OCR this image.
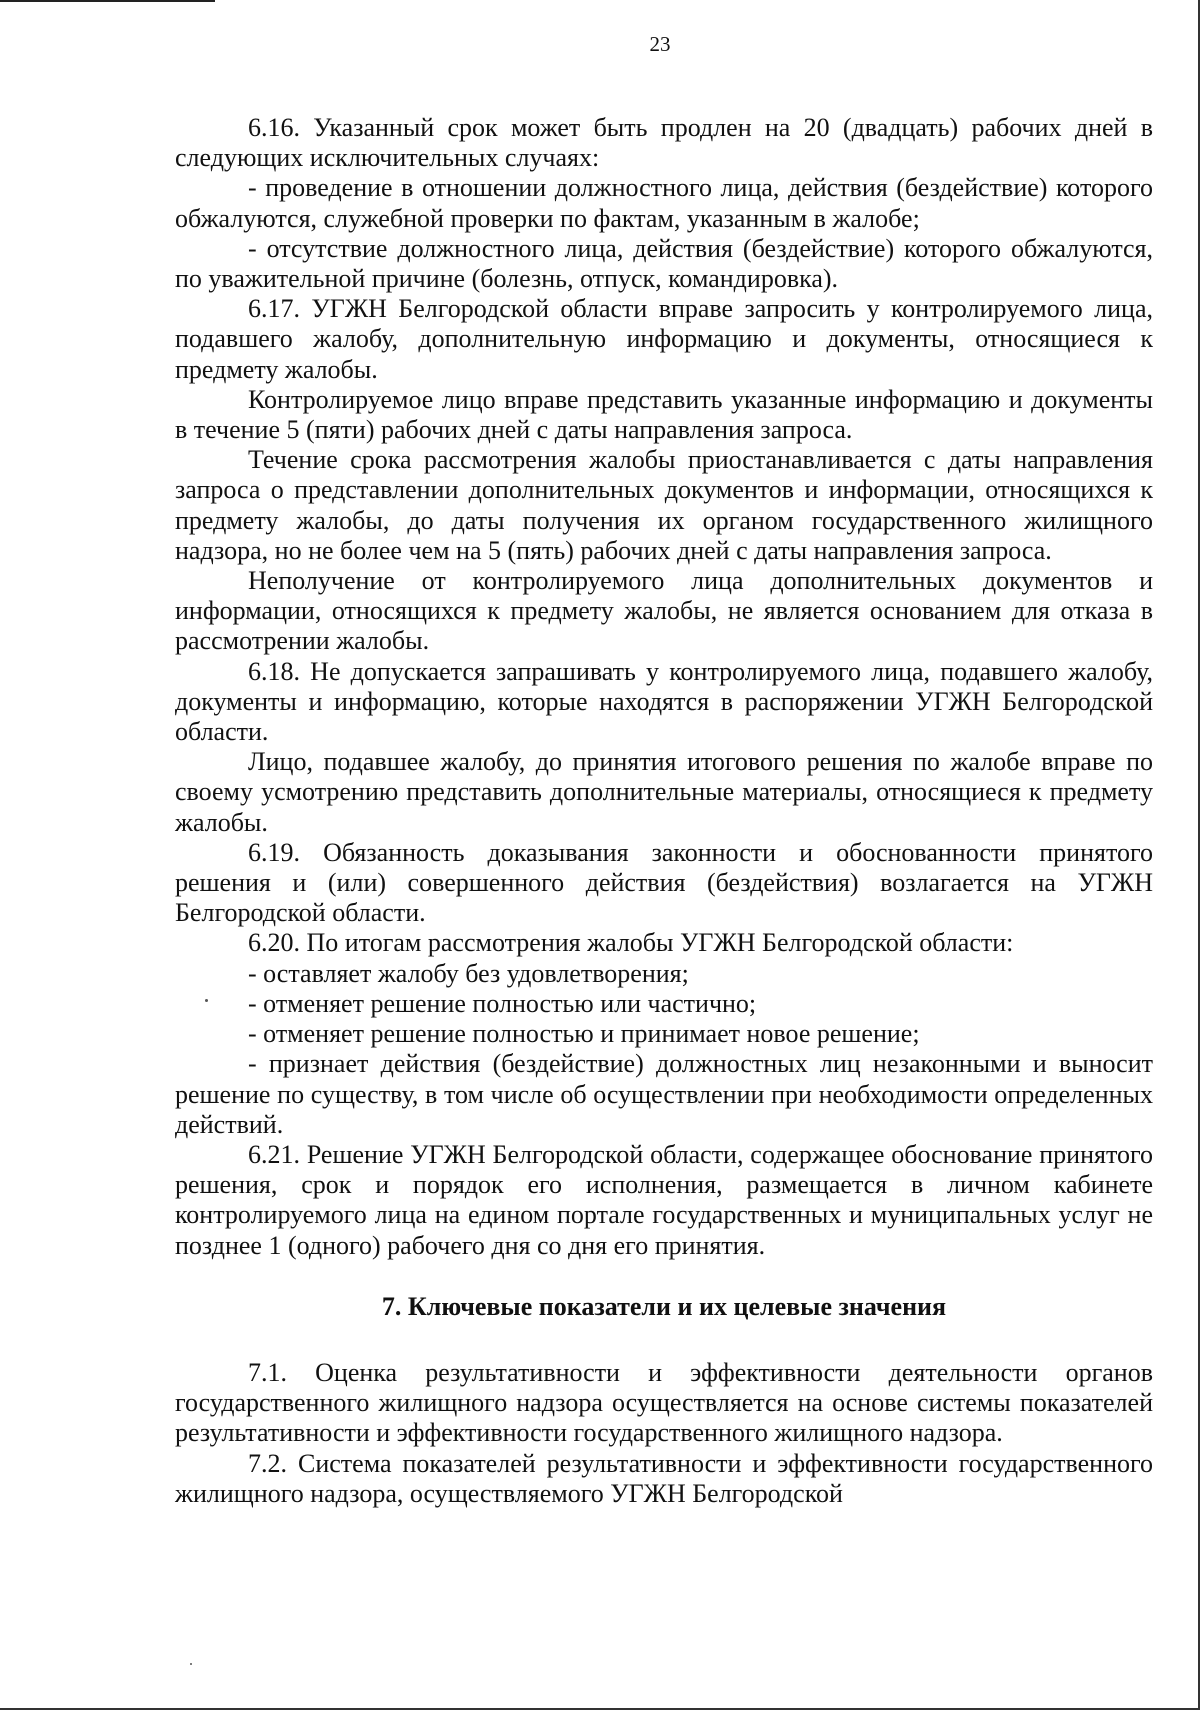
23

6.16. Указанный срок может быть продлен на 20 (двадцать) рабочих дней в следующих исключительных случаях:

- проведение в отношении должностного лица, действия (бездействие) которого обжалуются, служебной проверки по фактам, указанным в жалобе;

- отсутствие должностного лица, действия (бездействие) которого обжалуются, по уважительной причине (болезнь, отпуск, командировка).

6.17. УГЖН Белгородской области вправе запросить у контролируемого лица, подавшего жалобу, дополнительную информацию и документы, относящиеся к предмету жалобы.

Контролируемое лицо вправе представить указанные информацию и документы в течение 5 (пяти) рабочих дней с даты направления запроса.

Течение срока рассмотрения жалобы приостанавливается с даты направления запроса о представлении дополнительных документов и информации, относящихся к предмету жалобы, до даты получения их органом государственного жилищного надзора, но не более чем на 5 (пять) рабочих дней с даты направления запроса.

Неполучение от контролируемого лица дополнительных документов и информации, относящихся к предмету жалобы, не является основанием для отказа в рассмотрении жалобы.

6.18. Не допускается запрашивать у контролируемого лица, подавшего жалобу, документы и информацию, которые находятся в распоряжении УГЖН Белгородской области.

Лицо, подавшее жалобу, до принятия итогового решения по жалобе вправе по своему усмотрению представить дополнительные материалы, относящиеся к предмету жалобы.

6.19. Обязанность доказывания законности и обоснованности принятого решения и (или) совершенного действия (бездействия) возлагается на УГЖН Белгородской области.

6.20. По итогам рассмотрения жалобы УГЖН Белгородской области:

- оставляет жалобу без удовлетворения;

- отменяет решение полностью или частично;

- отменяет решение полностью и принимает новое решение;

- признает действия (бездействие) должностных лиц незаконными и выносит решение по существу, в том числе об осуществлении при необходимости определенных действий.

6.21. Решение УГЖН Белгородской области, содержащее обоснование принятого решения, срок и порядок его исполнения, размещается в личном кабинете контролируемого лица на едином портале государственных и муниципальных услуг не позднее 1 (одного) рабочего дня со дня его принятия.

7. Ключевые показатели и их целевые значения

7.1. Оценка результативности и эффективности деятельности органов государственного жилищного надзора осуществляется на основе системы показателей результативности и эффективности государственного жилищного надзора.

7.2. Система показателей результативности и эффективности государственного жилищного надзора, осуществляемого УГЖН Белгородской
